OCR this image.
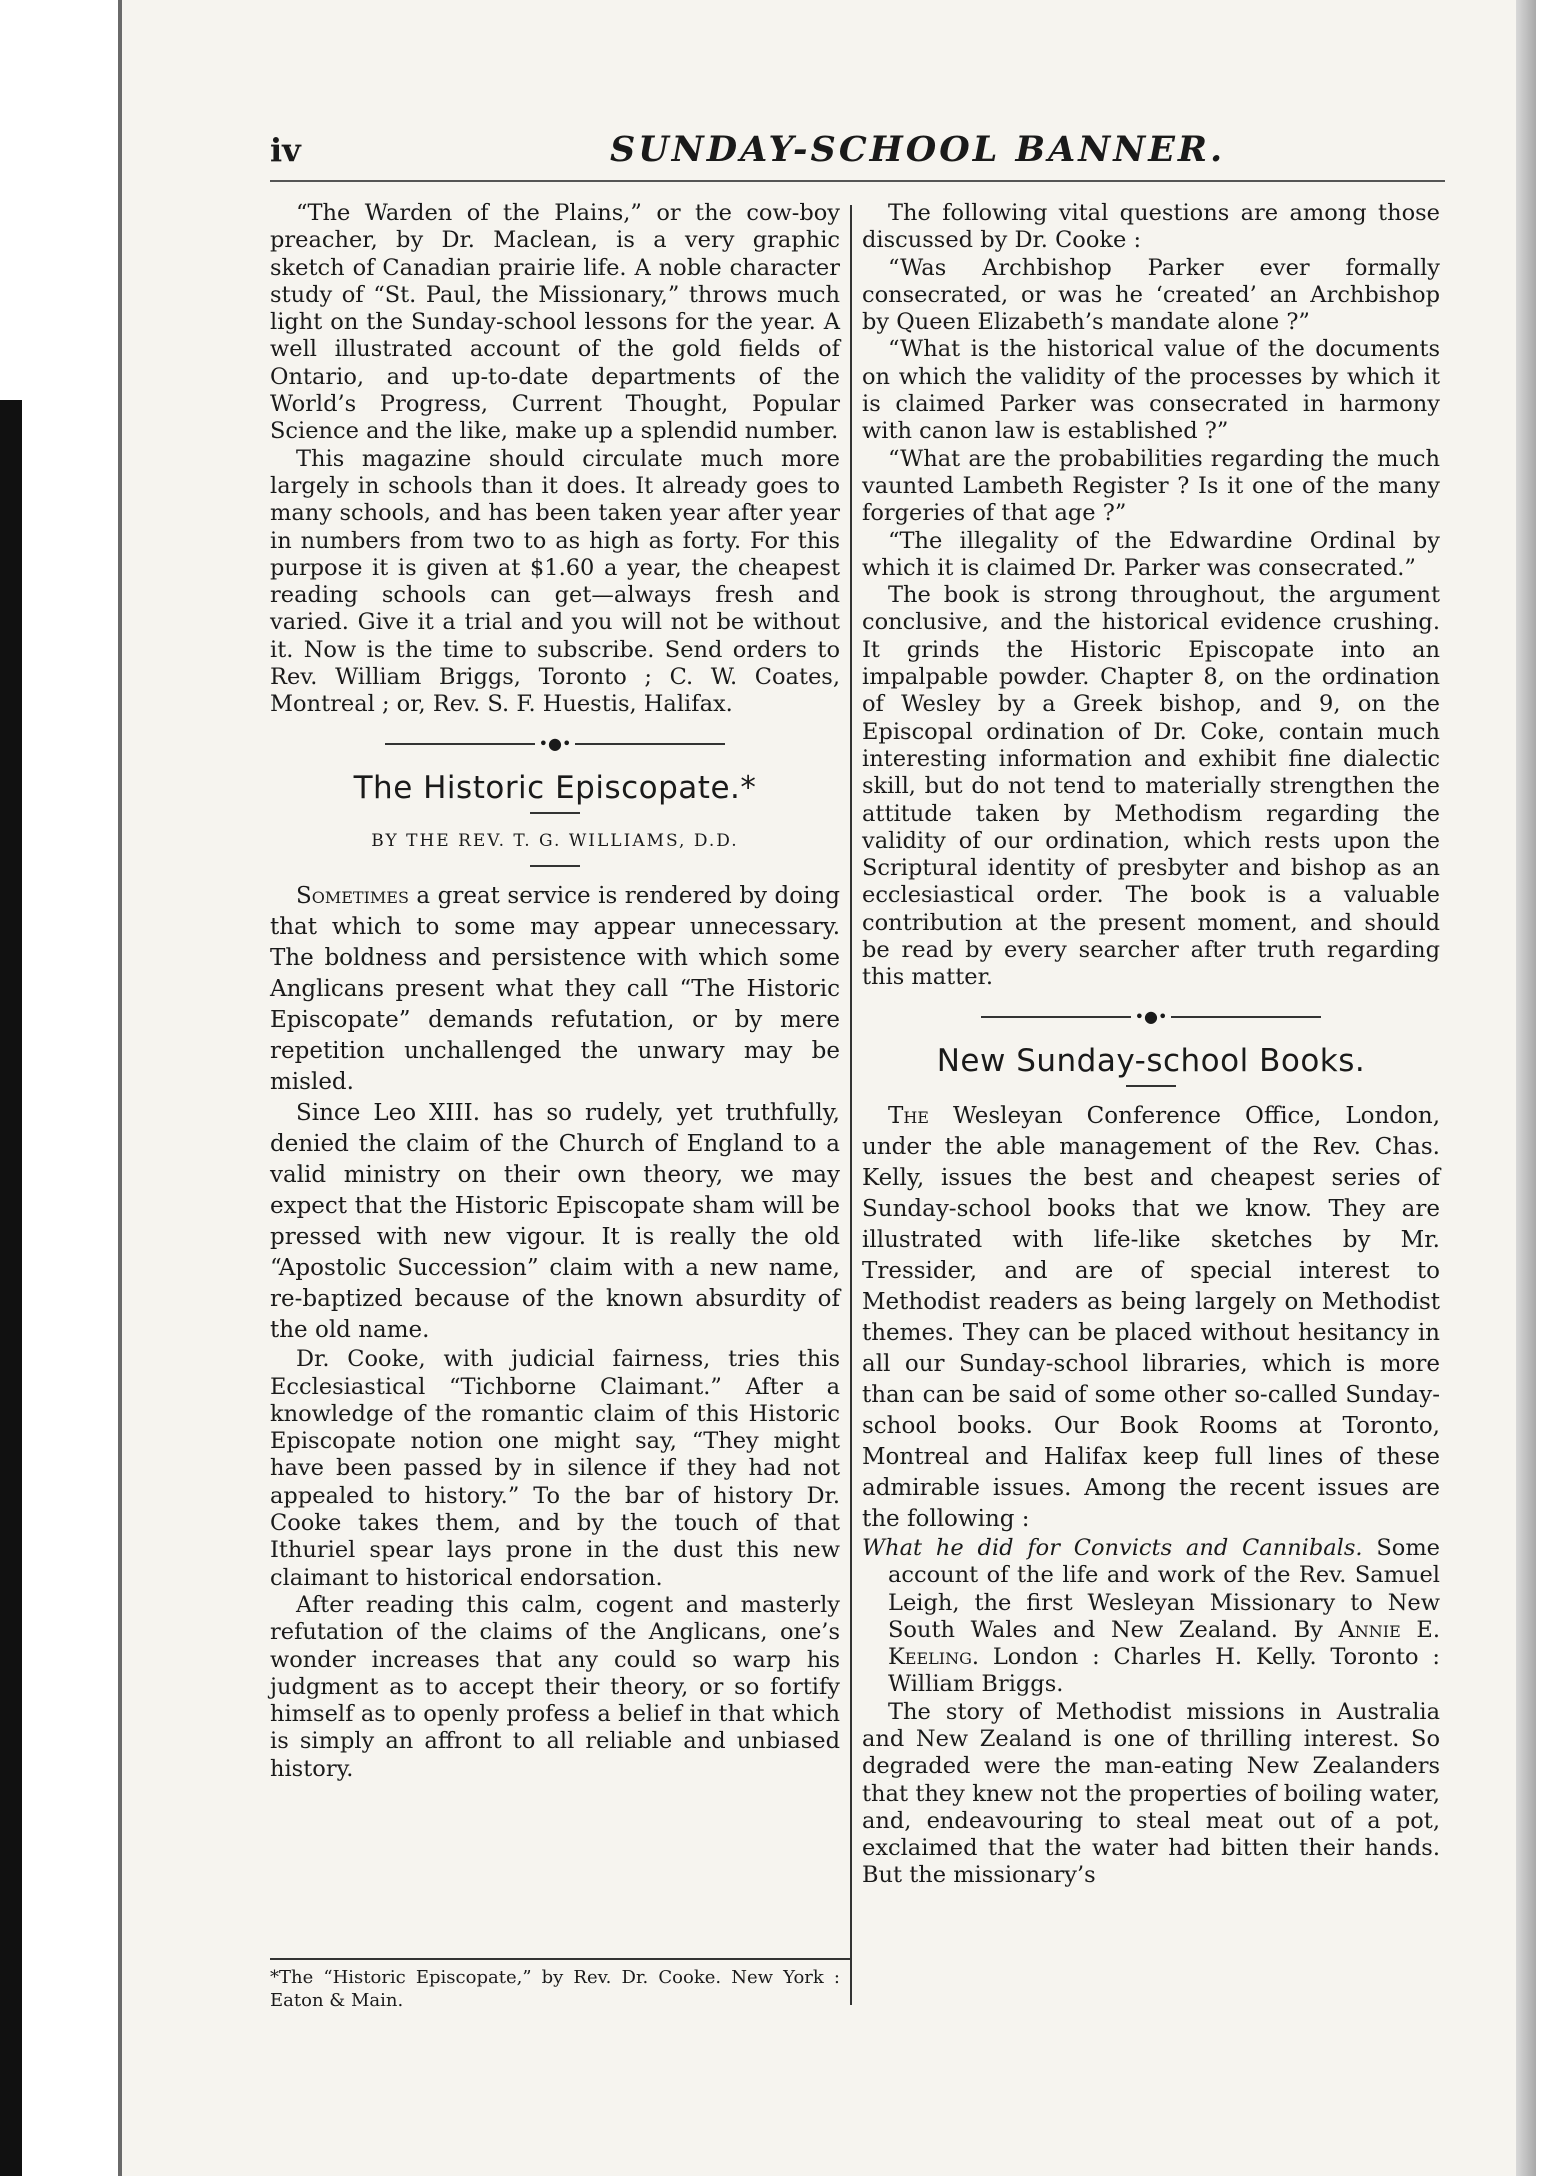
iv	SUNDAY-SCHOOL BANNER.

“The Warden of the Plains,” or the cow-boy preacher, by Dr. Maclean, is a very graphic sketch of Canadian prairie life. A noble character study of “St. Paul, the Missionary,” throws much light on the Sunday-school lessons for the year. A well illustrated account of the gold fields of Ontario, and up-to-date departments of the World’s Progress, Current Thought, Popular Science and the like, make up a splendid number.

This magazine should circulate much more largely in schools than it does. It already goes to many schools, and has been taken year after year in numbers from two to as high as forty. For this purpose it is given at $1.60 a year, the cheapest reading schools can get—always fresh and varied. Give it a trial and you will not be without it. Now is the time to subscribe. Send orders to Rev. William Briggs, Toronto ; C. W. Coates, Montreal ; or, Rev. S. F. Huestis, Halifax.

•●•
The Historic Episcopate.*
BY THE REV. T. G. WILLIAMS, D.D.

Sometimes a great service is rendered by doing that which to some may appear unnecessary. The boldness and persistence with which some Anglicans present what they call “The Historic Episcopate” demands refutation, or by mere repetition unchallenged the unwary may be misled.

Since Leo XIII. has so rudely, yet truthfully, denied the claim of the Church of England to a valid ministry on their own theory, we may expect that the Historic Episcopate sham will be pressed with new vigour. It is really the old “Apostolic Succession” claim with a new name, re-baptized because of the known absurdity of the old name.

Dr. Cooke, with judicial fairness, tries this Ecclesiastical “Tichborne Claimant.” After a knowledge of the romantic claim of this Historic Episcopate notion one might say, “They might have been passed by in silence if they had not appealed to history.” To the bar of history Dr. Cooke takes them, and by the touch of that Ithuriel spear lays prone in the dust this new claimant to historical endorsation.

After reading this calm, cogent and masterly refutation of the claims of the Anglicans, one’s wonder increases that any could so warp his judgment as to accept their theory, or so fortify himself as to openly profess a belief in that which is simply an affront to all reliable and unbiased history.

*The “Historic Episcopate,” by Rev. Dr. Cooke. New York : Eaton & Main.

The following vital questions are among those discussed by Dr. Cooke :

“Was Archbishop Parker ever formally consecrated, or was he ‘created’ an Archbishop by Queen Elizabeth’s mandate alone ?”

“What is the historical value of the documents on which the validity of the processes by which it is claimed Parker was consecrated in harmony with canon law is established ?”

“What are the probabilities regarding the much vaunted Lambeth Register ? Is it one of the many forgeries of that age ?”

“The illegality of the Edwardine Ordinal by which it is claimed Dr. Parker was consecrated.”

The book is strong throughout, the argument conclusive, and the historical evidence crushing. It grinds the Historic Episcopate into an impalpable powder. Chapter 8, on the ordination of Wesley by a Greek bishop, and 9, on the Episcopal ordination of Dr. Coke, contain much interesting information and exhibit fine dialectic skill, but do not tend to materially strengthen the attitude taken by Methodism regarding the validity of our ordination, which rests upon the Scriptural identity of presbyter and bishop as an ecclesiastical order. The book is a valuable contribution at the present moment, and should be read by every searcher after truth regarding this matter.

•●•
New Sunday-school Books.

The Wesleyan Conference Office, London, under the able management of the Rev. Chas. Kelly, issues the best and cheapest series of Sunday-school books that we know. They are illustrated with life-like sketches by Mr. Tressider, and are of special interest to Methodist readers as being largely on Methodist themes. They can be placed without hesitancy in all our Sunday-school libraries, which is more than can be said of some other so-called Sunday-school books. Our Book Rooms at Toronto, Montreal and Halifax keep full lines of these admirable issues. Among the recent issues are the following :

What he did for Convicts and Cannibals. Some account of the life and work of the Rev. Samuel Leigh, the first Wesleyan Missionary to New South Wales and New Zealand. By Annie E. Keeling. London : Charles H. Kelly. Toronto : William Briggs.

The story of Methodist missions in Australia and New Zealand is one of thrilling interest. So degraded were the man-eating New Zealanders that they knew not the properties of boiling water, and, endeavouring to steal meat out of a pot, exclaimed that the water had bitten their hands. But the missionary’s
